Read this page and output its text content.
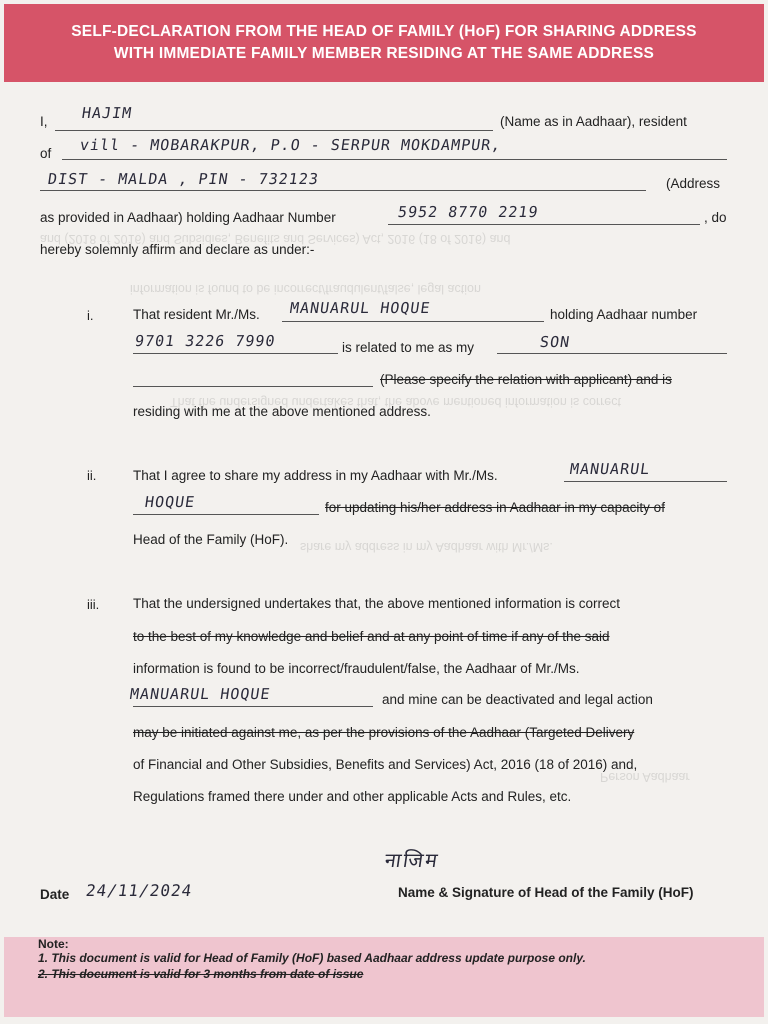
and (2018 of 2016) and Subsidies, Benefits and Services) Act, 2016 (18 of 2016) and
information is found to be incorrect/fraudulent/false, legal action
That the undersigned undertakes that, the above mentioned information is correct
share my address in my Aadhaar with Mr./Ms.
Person Aadhaar
SELF-DECLARATION FROM THE HEAD OF FAMILY (HoF) FOR SHARING ADDRESS
WITH IMMEDIATE FAMILY MEMBER RESIDING AT THE SAME ADDRESS
I, HAJIM	(Name as in Aadhaar), resident
of vill - MOBARAKPUR, P.O - SERPUR MOKDAMPUR,
DIST - MALDA , PIN - 732123	(Address
as provided in Aadhaar) holding Aadhaar Number	5952 8770 2219	, do
hereby solemnly affirm and declare as under:-
i.	That resident Mr./Ms. MANUARUL HOQUE	holding Aadhaar number
9701 3226 7990	is related to me as my	SON
(Please specify the relation with applicant) and is
residing with me at the above mentioned address.
ii.	That I agree to share my address in my Aadhaar with Mr./Ms.	MANUARUL
HOQUE	for updating his/her address in Aadhaar in my capacity of
Head of the Family (HoF).
iii. That the undersigned undertakes that, the above mentioned information is correct
to the best of my knowledge and belief and at any point of time if any of the said
information is found to be incorrect/fraudulent/false, the Aadhaar of Mr./Ms.
MANUARUL HOQUE	and mine can be deactivated and legal action
may be initiated against me, as per the provisions of the Aadhaar (Targeted Delivery
of Financial and Other Subsidies, Benefits and Services) Act, 2016 (18 of 2016) and,
Regulations framed there under and other applicable Acts and Rules, etc.
नाजिम
Date 24/11/2024	Name & Signature of Head of the Family (HoF)
Note:
1. This document is valid for Head of Family (HoF) based Aadhaar address update purpose only.
2. This document is valid for 3 months from date of issue
